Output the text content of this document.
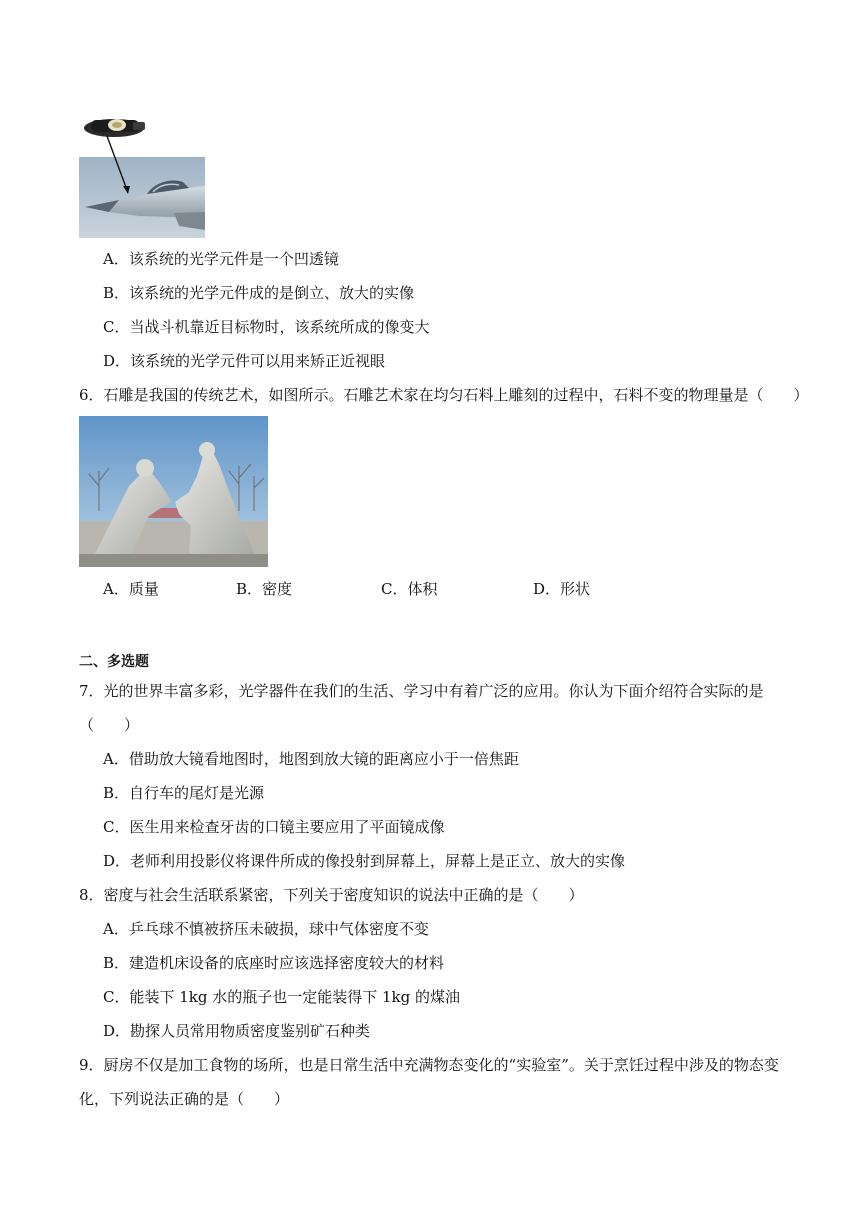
A．该系统的光学元件是一个凹透镜
B．该系统的光学元件成的是倒立、放大的实像
C．当战斗机靠近目标物时，该系统所成的像变大
D．该系统的光学元件可以用来矫正近视眼
6．石雕是我国的传统艺术，如图所示。石雕艺术家在均匀石料上雕刻的过程中，石料不变的物理量是（　　）
A．质量	B．密度	C．体积	D．形状
二、多选题
7．光的世界丰富多彩，光学器件在我们的生活、学习中有着广泛的应用。你认为下面介绍符合实际的是
（　　）
A．借助放大镜看地图时，地图到放大镜的距离应小于一倍焦距
B．自行车的尾灯是光源
C．医生用来检查牙齿的口镜主要应用了平面镜成像
D．老师利用投影仪将课件所成的像投射到屏幕上，屏幕上是正立、放大的实像
8．密度与社会生活联系紧密，下列关于密度知识的说法中正确的是（　　）
A．乒乓球不慎被挤压未破损，球中气体密度不变
B．建造机床设备的底座时应该选择密度较大的材料
C．能装下 1kg 水的瓶子也一定能装得下 1kg 的煤油
D．勘探人员常用物质密度鉴别矿石种类
9．厨房不仅是加工食物的场所，也是日常生活中充满物态变化的“实验室”。关于烹饪过程中涉及的物态变
化，下列说法正确的是（　　）
